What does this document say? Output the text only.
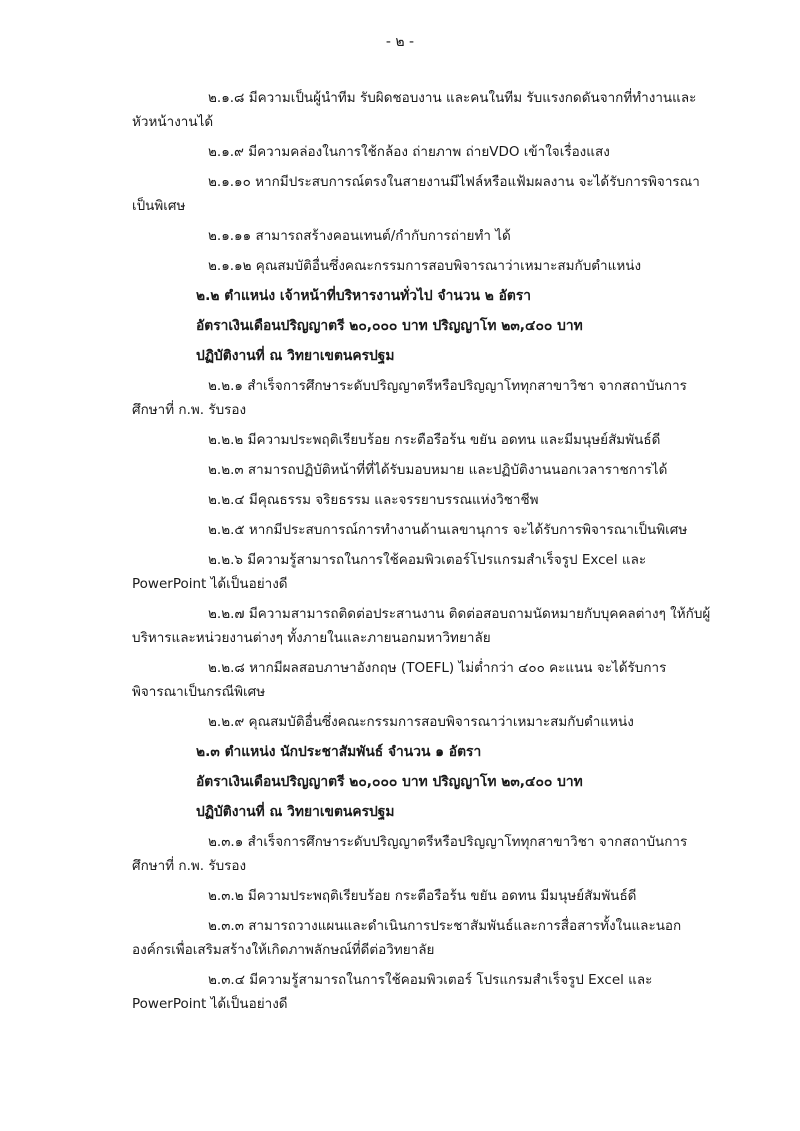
- ๒ -

๒.๑.๘ มีความเป็นผู้นำทีม รับผิดชอบงาน และคนในทีม รับแรงกดดันจากที่ทำงานและหัวหน้างานได้

๒.๑.๙ มีความคล่องในการใช้กล้อง ถ่ายภาพ ถ่ายVDO เข้าใจเรื่องแสง

๒.๑.๑๐ หากมีประสบการณ์ตรงในสายงานมีไฟล์หรือแฟ้มผลงาน จะได้รับการพิจารณาเป็นพิเศษ

๒.๑.๑๑ สามารถสร้างคอนเทนต์/กำกับการถ่ายทำ ได้

๒.๑.๑๒ คุณสมบัติอื่นซึ่งคณะกรรมการสอบพิจารณาว่าเหมาะสมกับตำแหน่ง

๒.๒ ตำแหน่ง เจ้าหน้าที่บริหารงานทั่วไป จำนวน ๒ อัตรา

อัตราเงินเดือนปริญญาตรี ๒๐,๐๐๐ บาท ปริญญาโท ๒๓,๔๐๐ บาท

ปฏิบัติงานที่ ณ วิทยาเขตนครปฐม

๒.๒.๑ สำเร็จการศึกษาระดับปริญญาตรีหรือปริญญาโททุกสาขาวิชา จากสถาบันการศึกษาที่ ก.พ. รับรอง

๒.๒.๒ มีความประพฤติเรียบร้อย กระตือรือร้น ขยัน อดทน และมีมนุษย์สัมพันธ์ดี

๒.๒.๓ สามารถปฏิบัติหน้าที่ที่ได้รับมอบหมาย และปฏิบัติงานนอกเวลาราชการได้

๒.๒.๔ มีคุณธรรม จริยธรรม และจรรยาบรรณแห่งวิชาชีพ

๒.๒.๕ หากมีประสบการณ์การทำงานด้านเลขานุการ จะได้รับการพิจารณาเป็นพิเศษ

๒.๒.๖ มีความรู้สามารถในการใช้คอมพิวเตอร์โปรแกรมสำเร็จรูป Excel และ PowerPoint ได้เป็นอย่างดี

๒.๒.๗ มีความสามารถติดต่อประสานงาน ติดต่อสอบถามนัดหมายกับบุคคลต่างๆ ให้กับผู้บริหารและหน่วยงานต่างๆ ทั้งภายในและภายนอกมหาวิทยาลัย

๒.๒.๘ หากมีผลสอบภาษาอังกฤษ (TOEFL) ไม่ต่ำกว่า ๔๐๐ คะแนน จะได้รับการพิจารณาเป็นกรณีพิเศษ

๒.๒.๙ คุณสมบัติอื่นซึ่งคณะกรรมการสอบพิจารณาว่าเหมาะสมกับตำแหน่ง

๒.๓ ตำแหน่ง นักประชาสัมพันธ์ จำนวน ๑ อัตรา

อัตราเงินเดือนปริญญาตรี ๒๐,๐๐๐ บาท ปริญญาโท ๒๓,๔๐๐ บาท

ปฏิบัติงานที่ ณ วิทยาเขตนครปฐม

๒.๓.๑ สำเร็จการศึกษาระดับปริญญาตรีหรือปริญญาโททุกสาขาวิชา จากสถาบันการศึกษาที่ ก.พ. รับรอง

๒.๓.๒ มีความประพฤติเรียบร้อย กระตือรือร้น ขยัน อดทน มีมนุษย์สัมพันธ์ดี

๒.๓.๓ สามารถวางแผนและดำเนินการประชาสัมพันธ์และการสื่อสารทั้งในและนอกองค์กรเพื่อเสริมสร้างให้เกิดภาพลักษณ์ที่ดีต่อวิทยาลัย

๒.๓.๔ มีความรู้สามารถในการใช้คอมพิวเตอร์ โปรแกรมสำเร็จรูป Excel และ PowerPoint ได้เป็นอย่างดี
